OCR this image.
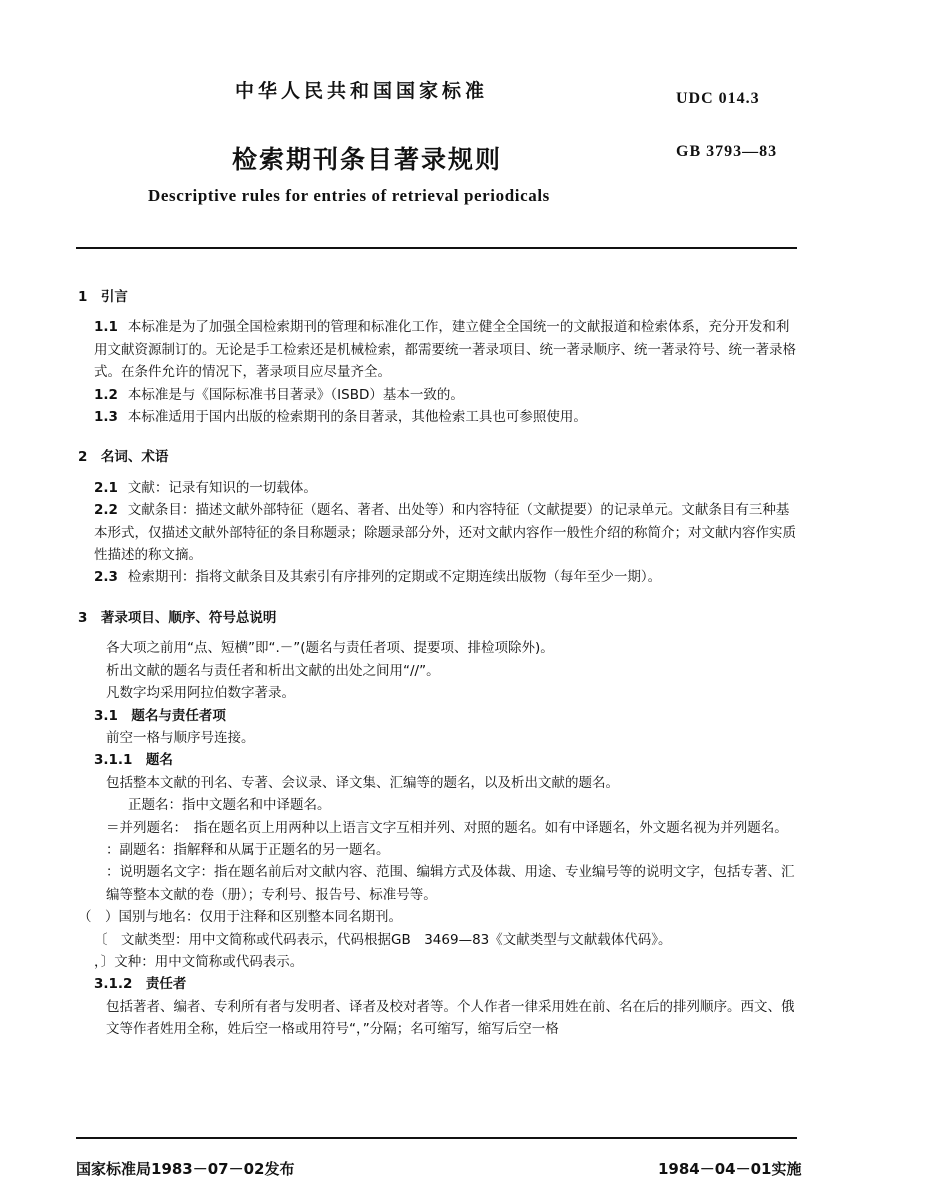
中华人民共和国国家标准	UDC 014.3
检索期刊条目著录规则	GB 3793—83
Descriptive rules for entries of retrieval periodicals

1　引言

1.1 本标准是为了加强全国检索期刊的管理和标准化工作，建立健全全国统一的文献报道和检索体系，充分开发和利用文献资源制订的。无论是手工检索还是机械检索，都需要统一著录项目、统一著录顺序、统一著录符号、统一著录格式。在条件允许的情况下，著录项目应尽量齐全。

1.2 本标准是与《国际标准书目著录》（ISBD）基本一致的。

1.3 本标准适用于国内出版的检索期刊的条目著录，其他检索工具也可参照使用。

2　名词、术语

2.1 文献：记录有知识的一切载体。

2.2 文献条目：描述文献外部特征（题名、著者、出处等）和内容特征（文献提要）的记录单元。文献条目有三种基本形式，仅描述文献外部特征的条目称题录；除题录部分外，还对文献内容作一般性介绍的称简介；对文献内容作实质性描述的称文摘。

2.3 检索期刊：指将文献条目及其索引有序排列的定期或不定期连续出版物（每年至少一期）。

3　著录项目、顺序、符号总说明

各大项之前用“点、短横”即“.－”(题名与责任者项、提要项、排检项除外)。

析出文献的题名与责任者和析出文献的出处之间用“//”。

凡数字均采用阿拉伯数字著录。

3.1　题名与责任者项

前空一格与顺序号连接。

3.1.1　题名

包括整本文献的刊名、专著、会议录、译文集、汇编等的题名，以及析出文献的题名。

正题名：指中文题名和中译题名。

＝并列题名：　指在题名页上用两种以上语言文字互相并列、对照的题名。如有中译题名，外文题名视为并列题名。

：副题名：指解释和从属于正题名的另一题名。

：说明题名文字：指在题名前后对文献内容、范围、编辑方式及体裁、用途、专业编号等的说明文字，包括专著、汇编等整本文献的卷（册）；专利号、报告号、标准号等。

（　）国别与地名：仅用于注释和区别整本同名期刊。

〔　文献类型：用中文简称或代码表示，代码根据GB　3469—83《文献类型与文献载体代码》。

，〕文种：用中文简称或代码表示。

3.1.2　责任者

包括著者、编者、专利所有者与发明者、译者及校对者等。个人作者一律采用姓在前、名在后的排列顺序。西文、俄文等作者姓用全称，姓后空一格或用符号“，”分隔；名可缩写，缩写后空一格

国家标准局1983－07－02发布	1984－04－01实施
